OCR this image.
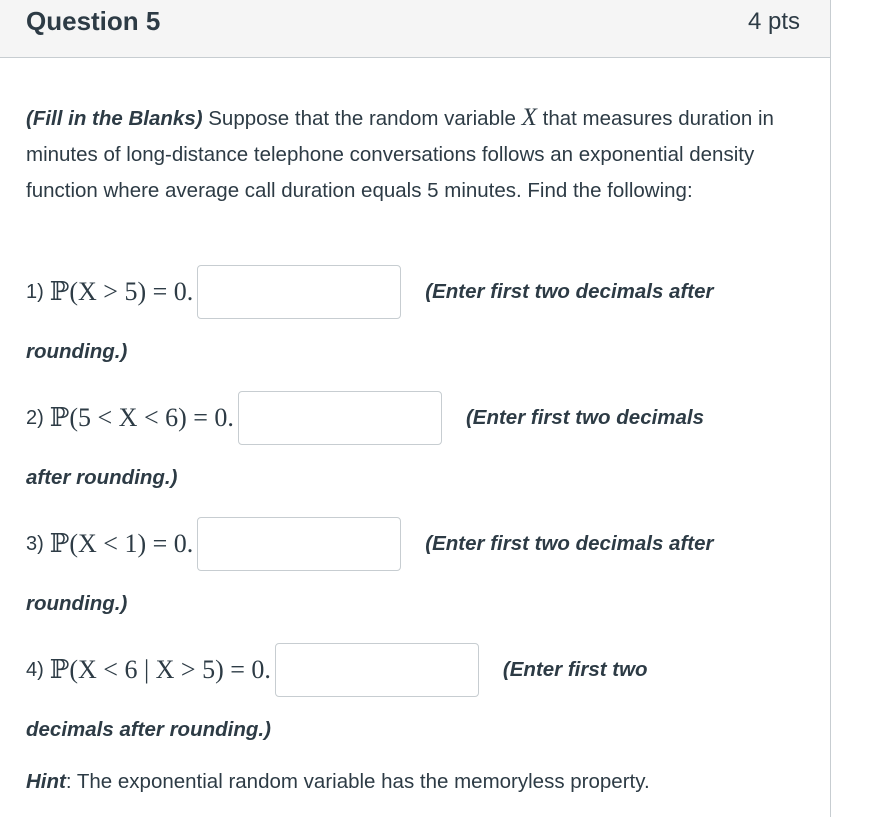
Question 5	4 pts

(Fill in the Blanks) Suppose that the random variable X that measures duration in minutes of long-distance telephone conversations follows an exponential density function where average call duration equals 5 minutes. Find the following:

1) ℙ(X > 5) = 0.	(Enter first two decimals after
rounding.)
2) ℙ(5 < X < 6) = 0.	(Enter first two decimals
after rounding.)
3) ℙ(X < 1) = 0.	(Enter first two decimals after
rounding.)
4) ℙ(X < 6 | X > 5) = 0.	(Enter first two
decimals after rounding.)
Hint: The exponential random variable has the memoryless property.
